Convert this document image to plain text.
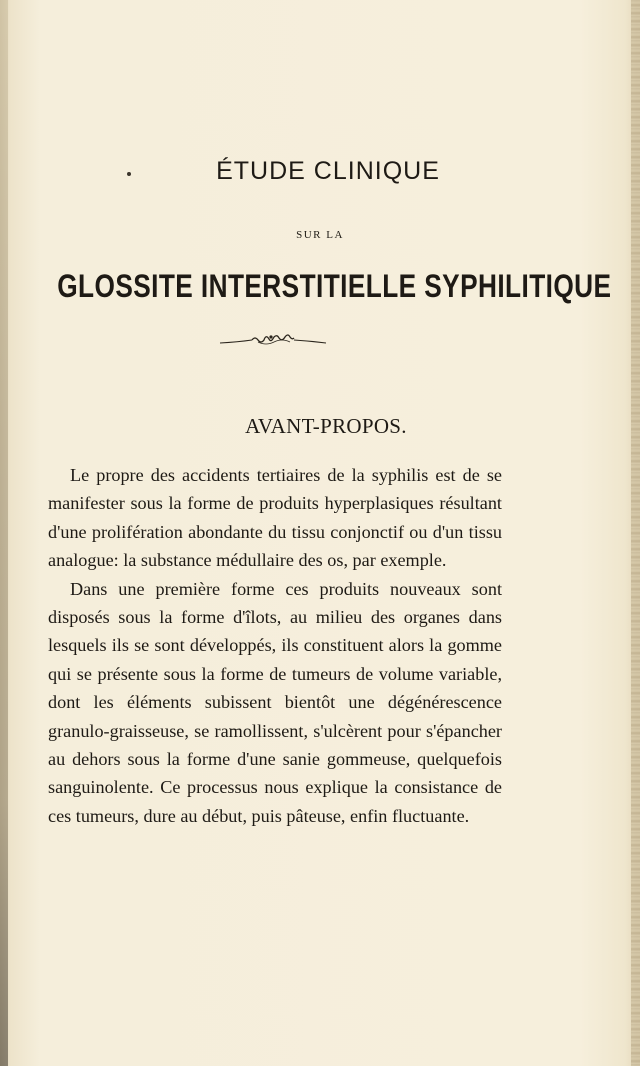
ÉTUDE CLINIQUE
SUR LA
GLOSSITE INTERSTITIELLE SYPHILITIQUE
AVANT-PROPOS.

Le propre des accidents tertiaires de la syphilis est de se manifester sous la forme de produits hyperplasiques résultant d'une prolifération abondante du tissu conjonctif ou d'un tissu analogue: la substance médullaire des os, par exemple.

Dans une première forme ces produits nouveaux sont disposés sous la forme d'îlots, au milieu des organes dans lesquels ils se sont développés, ils constituent alors la gomme qui se présente sous la forme de tumeurs de volume variable, dont les éléments subissent bientôt une dégénérescence granulo-graisseuse, se ramollissent, s'ulcèrent pour s'épancher au dehors sous la forme d'une sanie gommeuse, quelquefois sanguinolente. Ce processus nous explique la consistance de ces tumeurs, dure au début, puis pâteuse, enfin fluctuante.
